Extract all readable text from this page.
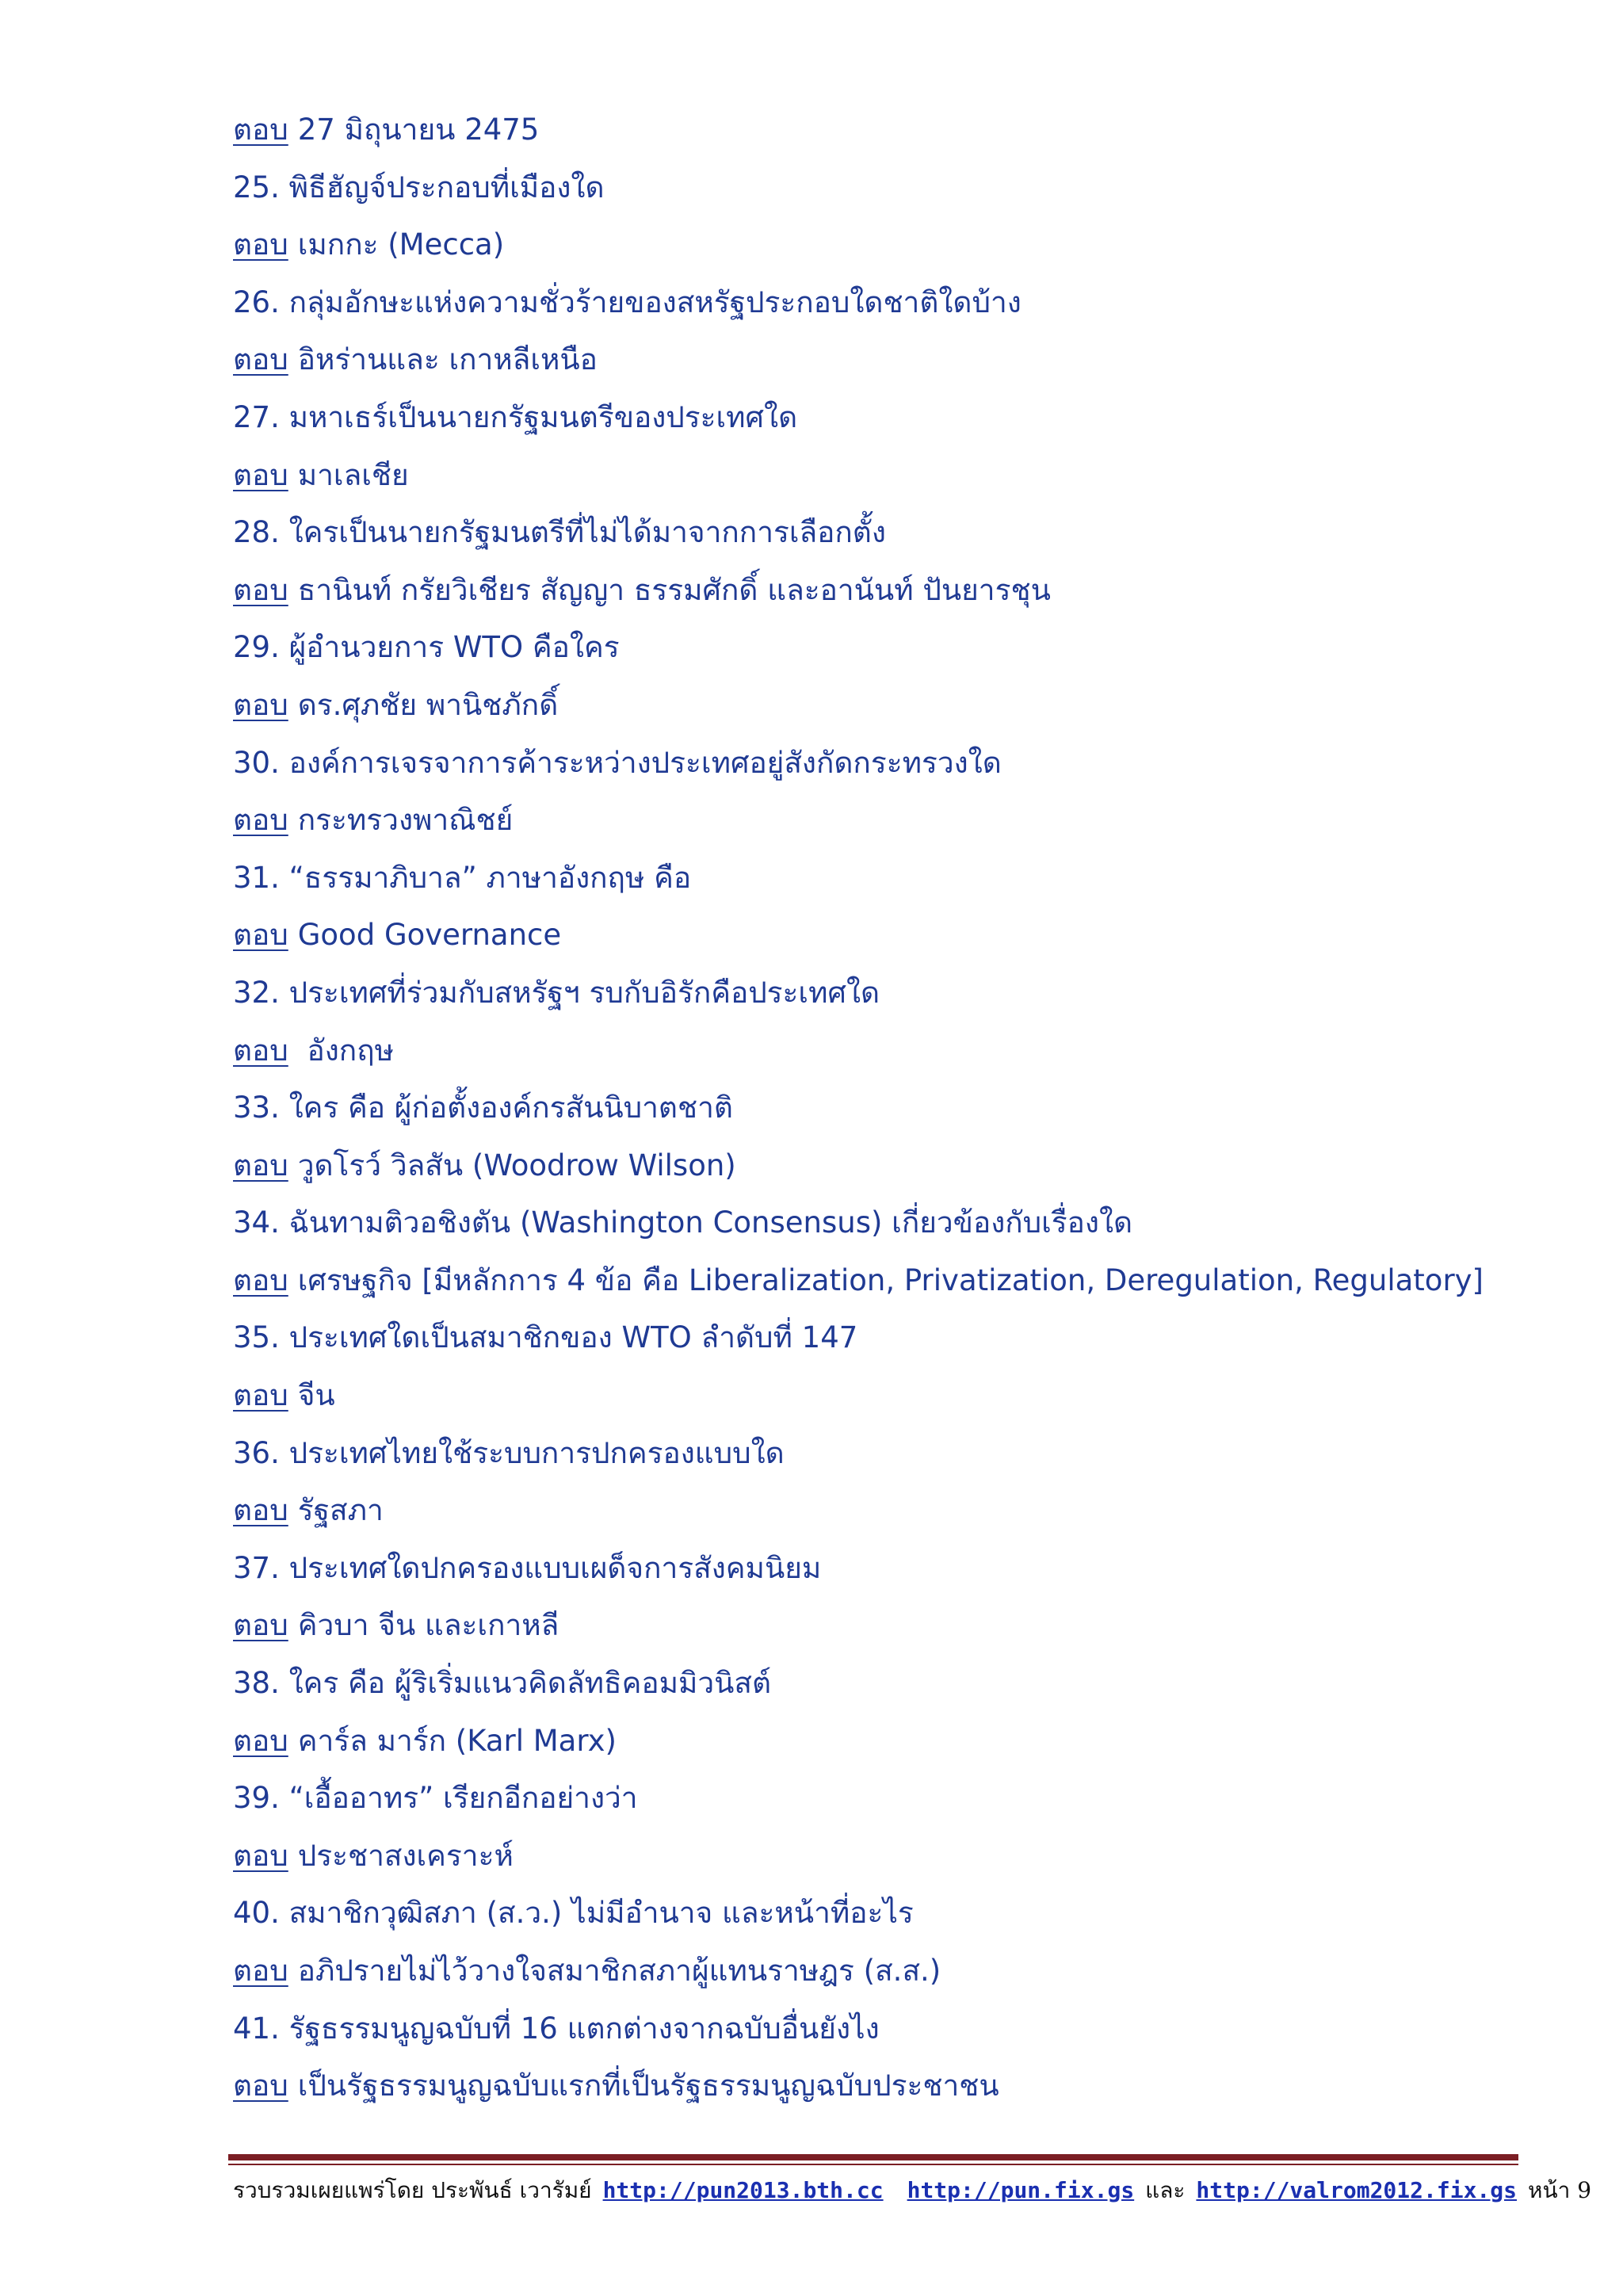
ตอบ 27 มิถุนายน 2475
25. พิธีฮัญจ์ประกอบที่เมืองใด
ตอบ เมกกะ (Mecca)
26. กลุ่มอักษะแห่งความชั่วร้ายของสหรัฐประกอบใดชาติใดบ้าง
ตอบ อิหร่านและ เกาหลีเหนือ
27. มหาเธร์เป็นนายกรัฐมนตรีของประเทศใด
ตอบ มาเลเชีย
28. ใครเป็นนายกรัฐมนตรีที่ไม่ได้มาจากการเลือกตั้ง
ตอบ ธานินท์ กรัยวิเชียร สัญญา ธรรมศักดิ์ และอานันท์ ปันยารชุน
29. ผู้อำนวยการ WTO คือใคร
ตอบ ดร.ศุภชัย พานิชภักดิ์
30. องค์การเจรจาการค้าระหว่างประเทศอยู่สังกัดกระทรวงใด
ตอบ กระทรวงพาณิชย์
31. “ธรรมาภิบาล” ภาษาอังกฤษ คือ
ตอบ Good Governance
32. ประเทศที่ร่วมกับสหรัฐฯ รบกับอิรักคือประเทศใด
ตอบ อังกฤษ
33. ใคร คือ ผู้ก่อตั้งองค์กรสันนิบาตชาติ
ตอบ วูดโรว์ วิลสัน (Woodrow Wilson)
34. ฉันทามติวอชิงตัน (Washington Consensus) เกี่ยวข้องกับเรื่องใด
ตอบ เศรษฐกิจ [มีหลักการ 4 ข้อ คือ Liberalization, Privatization, Deregulation, Regulatory]
35. ประเทศใดเป็นสมาชิกของ WTO ลำดับที่ 147
ตอบ จีน
36. ประเทศไทยใช้ระบบการปกครองแบบใด
ตอบ รัฐสภา
37. ประเทศใดปกครองแบบเผด็จการสังคมนิยม
ตอบ คิวบา จีน และเกาหลี
38. ใคร คือ ผู้ริเริ่มแนวคิดลัทธิคอมมิวนิสต์
ตอบ คาร์ล มาร์ก (Karl Marx)
39. “เอื้ออาทร” เรียกอีกอย่างว่า
ตอบ ประชาสงเคราะห์
40. สมาชิกวุฒิสภา (ส.ว.) ไม่มีอำนาจ และหน้าที่อะไร
ตอบ อภิปรายไม่ไว้วางใจสมาชิกสภาผู้แทนราษฎร (ส.ส.)
41. รัฐธรรมนูญฉบับที่ 16 แตกต่างจากฉบับอื่นยังไง
ตอบ เป็นรัฐธรรมนูญฉบับแรกที่เป็นรัฐธรรมนูญฉบับประชาชน
รวบรวมเผยแพร่โดย ประพันธ์ เวารัมย์ http://pun2013.bth.cc http://pun.fix.gs และ http://valrom2012.fix.gs หน้า 9
